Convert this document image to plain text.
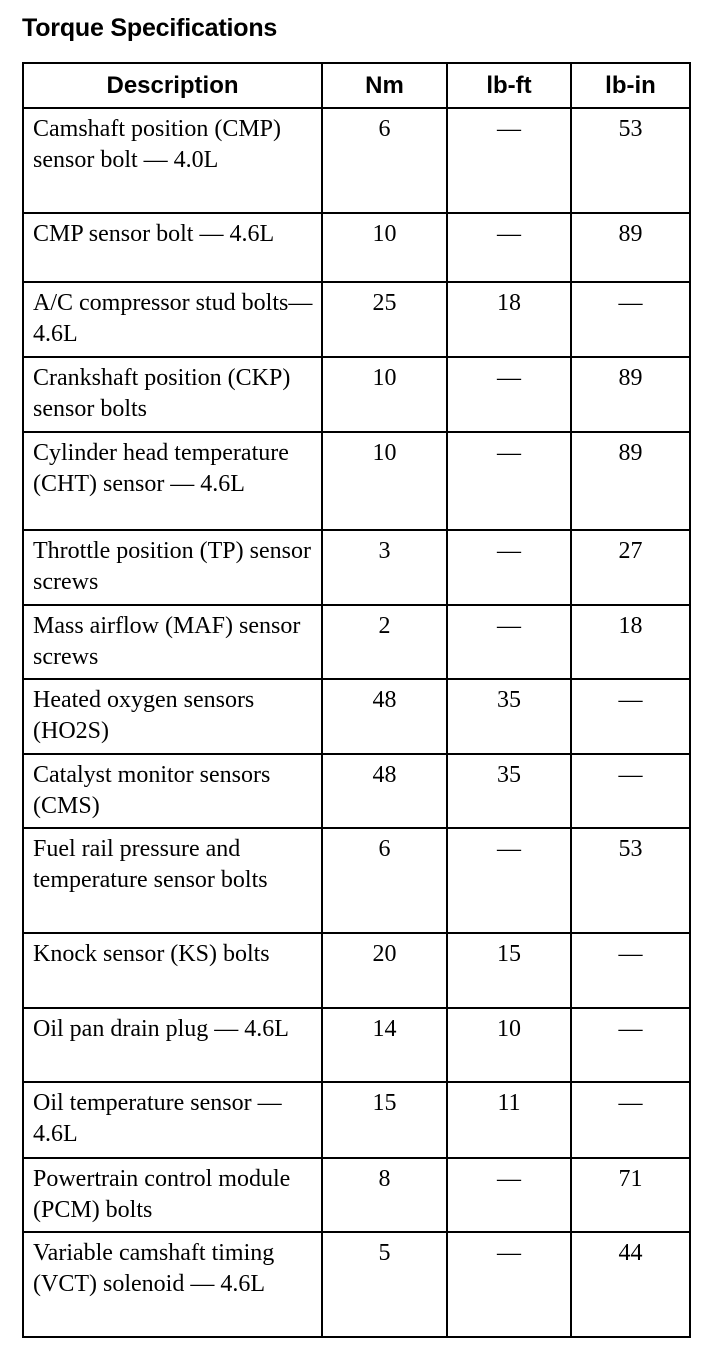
Torque Specifications
Description	Nm	lb-ft	lb-in
Camshaft position (CMP) sensor bolt — 4.0L	6	—	53
CMP sensor bolt — 4.6L	10	—	89
A/C compressor stud bolts— 4.6L	25	18	—
Crankshaft position (CKP) sensor bolts	10	—	89
Cylinder head temperature (CHT) sensor — 4.6L	10	—	89
Throttle position (TP) sensor screws	3	—	27
Mass airflow (MAF) sensor screws	2	—	18
Heated oxygen sensors (HO2S)	48	35	—
Catalyst monitor sensors (CMS)	48	35	—
Fuel rail pressure and temperature sensor bolts	6	—	53
Knock sensor (KS) bolts	20	15	—
Oil pan drain plug — 4.6L	14	10	—
Oil temperature sensor — 4.6L	15	11	—
Powertrain control module (PCM) bolts	8	—	71
Variable camshaft timing (VCT) solenoid — 4.6L	5	—	44
